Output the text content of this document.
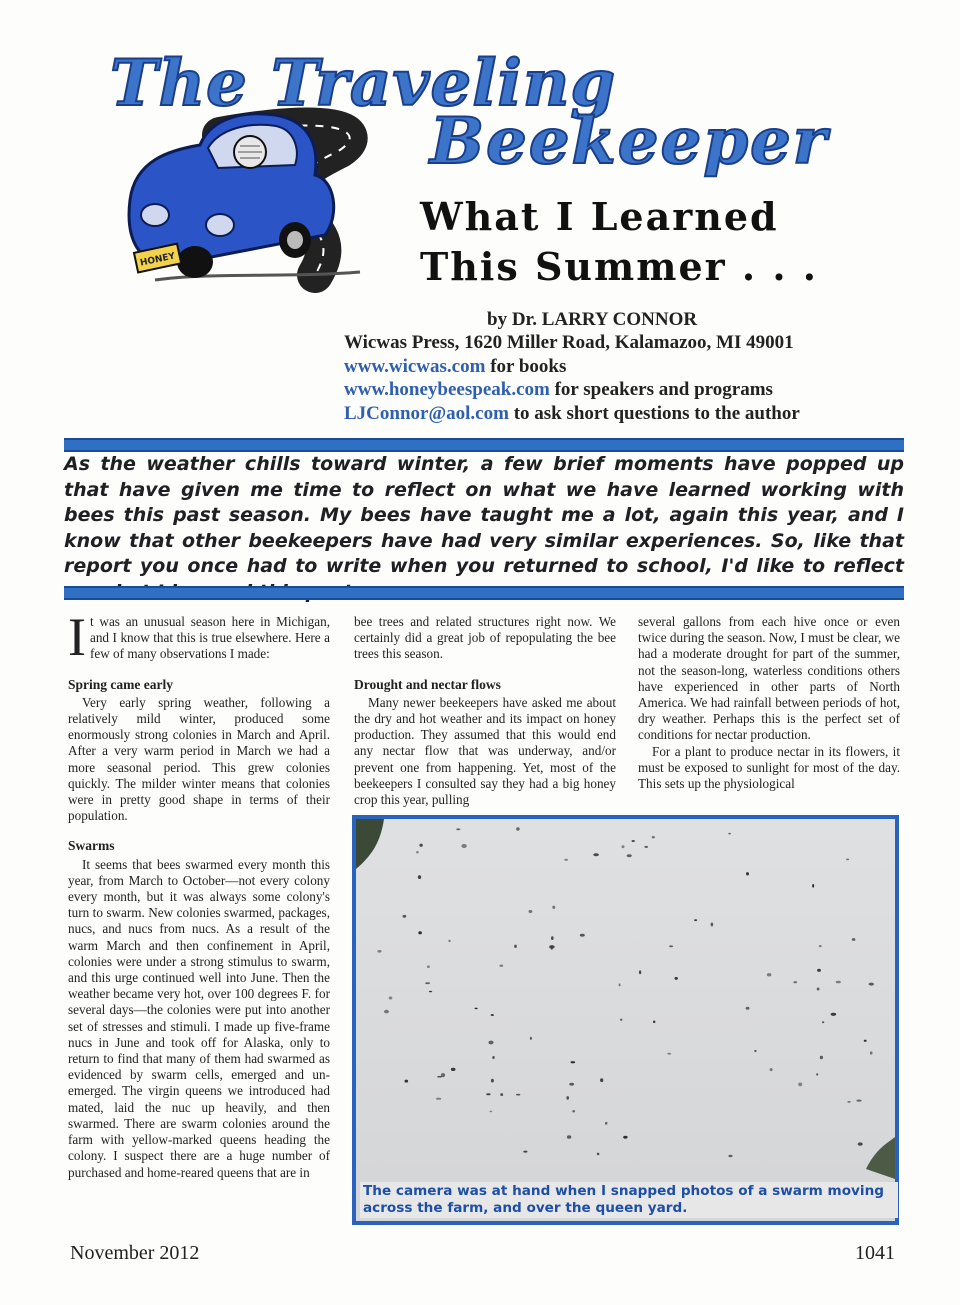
HONEY
The Traveling
Beekeeper
What I Learned
This Summer . . .
by Dr. LARRY CONNOR
Wicwas Press, 1620 Miller Road, Kalamazoo, MI 49001
www.wicwas.com for books
www.honeybeespeak.com for speakers and programs
LJConnor@aol.com to ask short questions to the author
As the weather chills toward winter, a few brief moments have popped up that have given me time to reflect on what we have learned working with bees this past season. My bees have taught me a lot, again this year, and I know that other beekeepers have had very similar experiences. So, like that report you once had to write when you returned to school, I'd like to reflect

It was an unusual season here in Michigan, and I know that this is true elsewhere. Here a few of many observations I made:

Spring came early

Very early spring weather, following a relatively mild winter, produced some enormously strong colonies in March and April. After a very warm period in March we had a more seasonal period. This grew colonies quickly. The milder winter means that colonies were in pretty good shape in terms of their population.

Swarms

It seems that bees swarmed every month this year, from March to October—not every colony every month, but it was always some colony's turn to swarm. New colonies swarmed, packages, nucs, and nucs from nucs. As a result of the warm March and then confinement in April, colonies were under a strong stimulus to swarm, and this urge continued well into June. Then the weather became very hot, over 100 degrees F. for several days—the colonies were put into another set of stresses and stimuli. I made up five-frame nucs in June and took off for Alaska, only to return to find that many of them had swarmed as evidenced by swarm cells, emerged and un-emerged. The virgin queens we introduced had mated, laid the nuc up heavily, and then swarmed. There are swarm colonies around the farm with yellow-marked queens heading the colony. I suspect there are a huge number of purchased and home-reared queens that are in

bee trees and related structures right now. We certainly did a great job of repopulating the bee trees this season.

Drought and nectar flows

Many newer beekeepers have asked me about the dry and hot weather and its impact on honey production. They assumed that this would end any nectar flow that was underway, and/or prevent one from happening. Yet, most of the beekeepers I consulted say they had a big honey crop this year, pulling

several gallons from each hive once or even twice during the season. Now, I must be clear, we had a moderate drought for part of the summer, not the season-long, waterless conditions others have experienced in other parts of North America. We had rainfall between periods of hot, dry weather. Perhaps this is the perfect set of conditions for nectar production.

For a plant to produce nectar in its flowers, it must be exposed to sunlight for most of the day. This sets up the physiological

The camera was at hand when I snapped photos of a swarm moving across the farm, and over the queen yard.
November 2012	1041
